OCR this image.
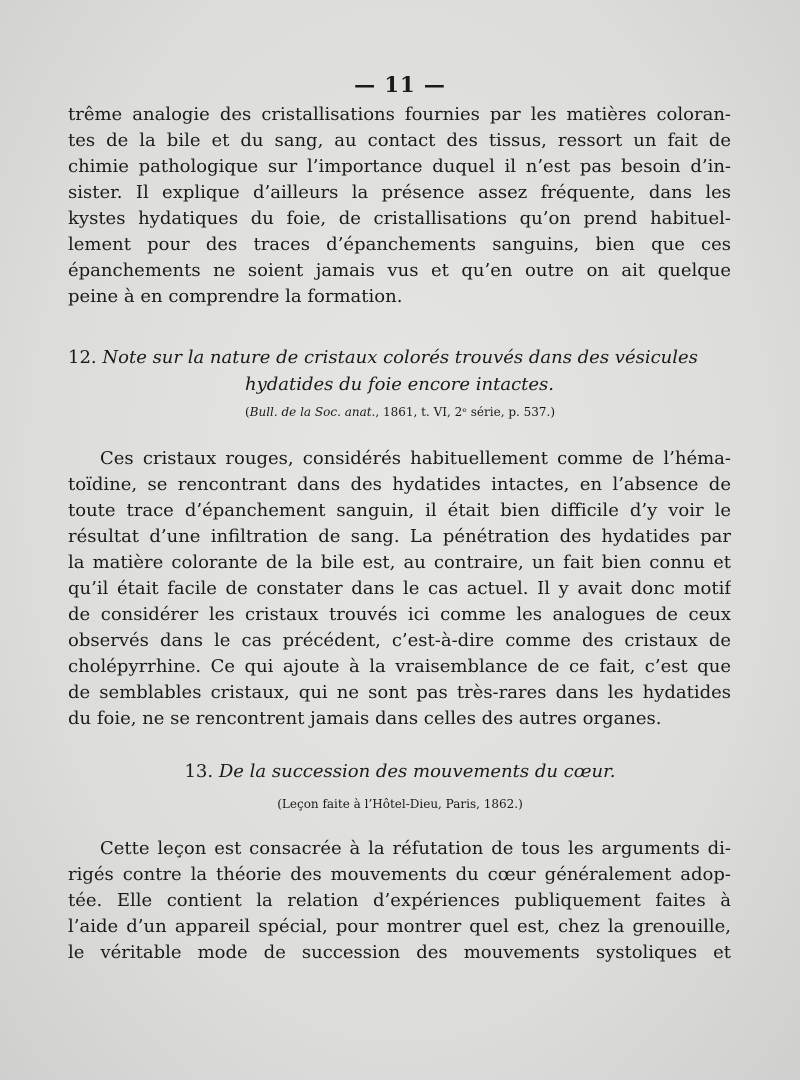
— 11 —
trême analogie des cristallisations fournies par les matières coloran-
tes de la bile et du sang, au contact des tissus, ressort un fait de
chimie pathologique sur l’importance duquel il n’est pas besoin d’in-
sister. Il explique d’ailleurs la présence assez fréquente, dans les
kystes hydatiques du foie, de cristallisations qu’on prend habituel-
lement pour des traces d’épanchements sanguins, bien que ces
épanchements ne soient jamais vus et qu’en outre on ait quelque
peine à en comprendre la formation.
12. Note sur la nature de cristaux colorés trouvés dans des vésicules
hydatides du foie encore intactes.
(Bull. de la Soc. anat., 1861, t. VI, 2ᵉ série, p. 537.)
Ces cristaux rouges, considérés habituellement comme de l’héma-
toïdine, se rencontrant dans des hydatides intactes, en l’absence de
toute trace d’épanchement sanguin, il était bien difficile d’y voir le
résultat d’une infiltration de sang. La pénétration des hydatides par
la matière colorante de la bile est, au contraire, un fait bien connu et
qu’il était facile de constater dans le cas actuel. Il y avait donc motif
de considérer les cristaux trouvés ici comme les analogues de ceux
observés dans le cas précédent, c’est-à-dire comme des cristaux de
cholépyrrhine. Ce qui ajoute à la vraisemblance de ce fait, c’est que
de semblables cristaux, qui ne sont pas très-rares dans les hydatides
du foie, ne se rencontrent jamais dans celles des autres organes.
13. De la succession des mouvements du cœur.
(Leçon faite à l’Hôtel-Dieu, Paris, 1862.)
Cette leçon est consacrée à la réfutation de tous les arguments di-
rigés contre la théorie des mouvements du cœur généralement adop-
tée. Elle contient la relation d’expériences publiquement faites à
l’aide d’un appareil spécial, pour montrer quel est, chez la grenouille,
le véritable mode de succession des mouvements systoliques et
